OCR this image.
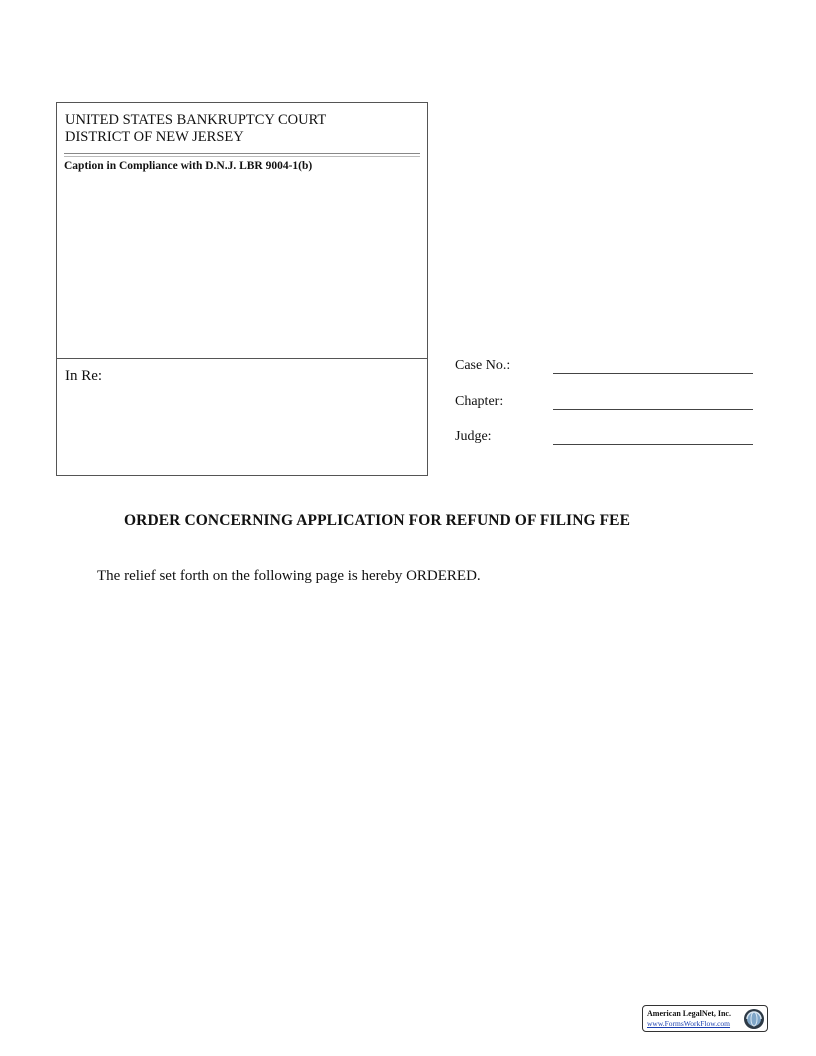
UNITED STATES BANKRUPTCY COURT
DISTRICT OF NEW JERSEY
Caption in Compliance with D.N.J. LBR 9004-1(b)
In Re:
Case No.:
Chapter:
Judge:
ORDER CONCERNING APPLICATION FOR REFUND OF FILING FEE
The relief set forth on the following page is hereby ORDERED.
American LegalNet, Inc.
www.FormsWorkFlow.com
